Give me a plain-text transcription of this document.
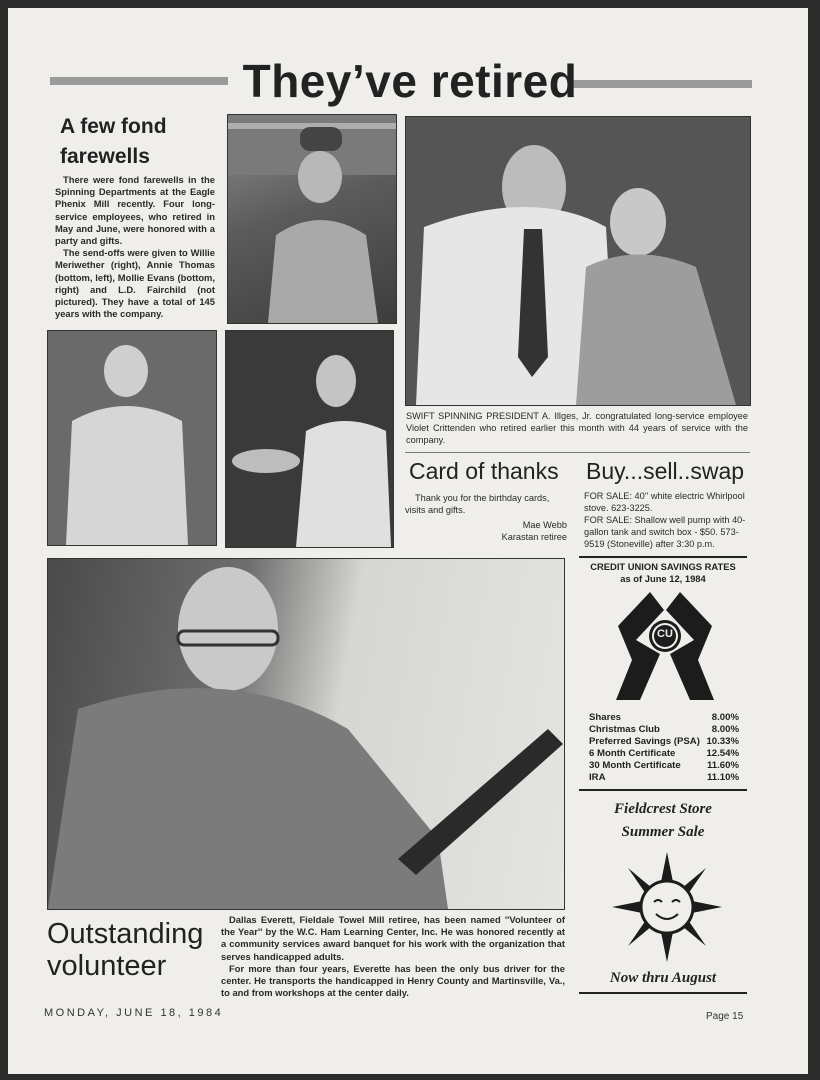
They’ve retired
A few fond
farewells
There were fond farewells in the Spinning Departments at the Eagle Phenix Mill recently. Four long-service employees, who retired in May and June, were honored with a party and gifts.
The send-offs were given to Willie Meriwether (right), Annie Thomas (bottom, left), Mollie Evans (bottom, right) and L.D. Fairchild (not pictured). They have a total of 145 years with the company.
SWIFT SPINNING PRESIDENT A. Illges, Jr. congratulated long-service employee Violet Crittenden who retired earlier this month with 44 years of service with the company.
Card of thanks
Thank you for the birthday cards, visits and gifts.
Mae Webb
Karastan retiree
Buy...sell..swap
FOR SALE: 40'' white electric Whirlpool stove. 623-3225.
FOR SALE: Shallow well pump with 40-gallon tank and switch box - $50. 573-9519 (Stoneville) after 3:30 p.m.
CREDIT UNION SAVINGS RATES
as of June 12, 1984
CU
Shares	8.00%
Christmas Club	8.00%
Preferred Savings (PSA) 10.33%
6 Month Certificate	12.54%
30 Month Certificate	11.60%
IRA	11.10%
Fieldcrest Store
Summer Sale
Now thru August
Outstanding
volunteer
Dallas Everett, Fieldale Towel Mill retiree, has been named ''Volunteer of the Year'' by the W.C. Ham Learning Center, Inc. He was honored recently at a community services award banquet for his work with the organization that serves handicapped adults.
For more than four years, Everette has been the only bus driver for the center. He transports the handicapped in Henry County and Martinsville, Va., to and from workshops at the center daily.
MONDAY, JUNE 18, 1984	Page 15
